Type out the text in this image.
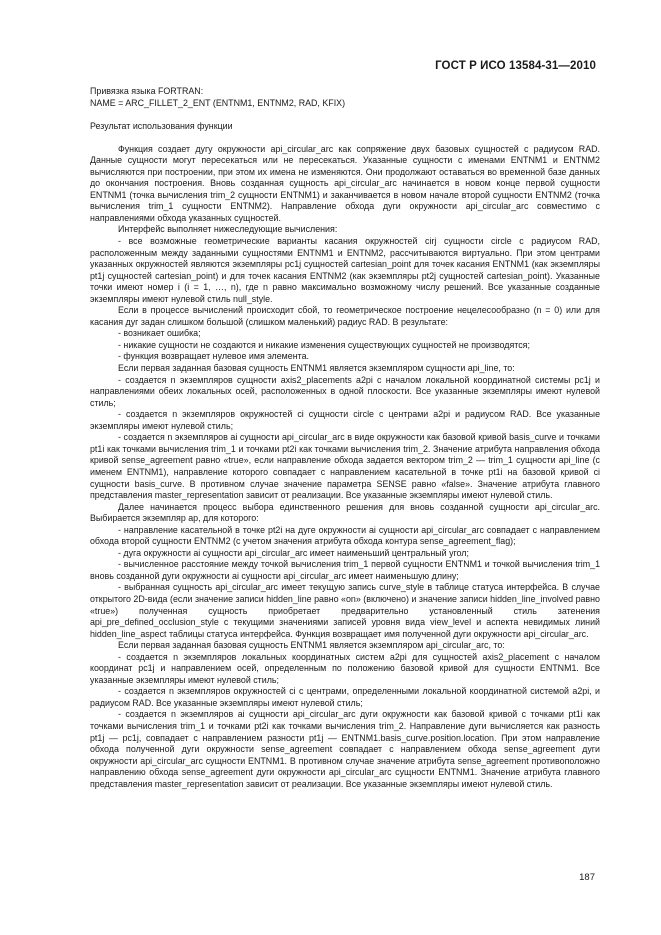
ГОСТ Р ИСО 13584-31—2010

Привязка языка FORTRAN:

NAME = ARC_FILLET_2_ENT (ENTNM1, ENTNM2, RAD, KFIX)

Результат использования функции

Функция создает дугу окружности api_circular_arc как сопряжение двух базовых сущностей с радиусом RAD. Данные сущности могут пересекаться или не пересекаться. Указанные сущности с именами ENTNM1 и ENTNM2 вычисляются при построении, при этом их имена не изменяются. Они продолжают оставаться во временной базе данных до окончания построения. Вновь созданная сущность api_circular_arc начинается в новом конце первой сущности ENTNM1 (точка вычисления trim_2 сущности ENTNM1) и заканчивается в новом начале второй сущности ENTNM2 (точка вычисления trim_1 сущности ENTNM2). Направление обхода дуги окружности api_circular_arc совместимо с направлениями обхода указанных сущностей.

Интерфейс выполняет нижеследующие вычисления:

- все возможные геометрические варианты касания окружностей cirj сущности circle с радиусом RAD, расположенным между заданными сущностями ENTNM1 и ENTNM2, рассчитываются виртуально. При этом центрами указанных окружностей являются экземпляры pc1j сущностей cartesian_point для точек касания ENTNM1 (как экземпляры pt1j сущностей cartesian_point) и для точек касания ENTNM2 (как экземпляры pt2j сущностей cartesian_point). Указанные точки имеют номер i (i = 1, …, n), где n равно максимально возможному числу решений. Все указанные созданные экземпляры имеют нулевой стиль null_style.

Если в процессе вычислений происходит сбой, то геометрическое построение нецелесообразно (n = 0) или для касания дуг задан слишком большой (слишком маленький) радиус RAD. В результате:

- возникает ошибка;

- никакие сущности не создаются и никакие изменения существующих сущностей не производятся;

- функция возвращает нулевое имя элемента.

Если первая заданная базовая сущность ENTNM1 является экземпляром сущности api_line, то:

- создается n экземпляров сущности axis2_placements a2pi с началом локальной координатной системы pc1j и направлениями обеих локальных осей, расположенных в одной плоскости. Все указанные экземпляры имеют нулевой стиль;

- создается n экземпляров окружностей ci сущности circle с центрами a2pi и радиусом RAD. Все указанные экземпляры имеют нулевой стиль;

- создается n экземпляров ai сущности api_circular_arc в виде окружности как базовой кривой basis_curve и точками pt1i как точками вычисления trim_1 и точками pt2i как точками вычисления trim_2. Значение атрибута направления обхода кривой sense_agreement равно «true», если направление обхода задается вектором trim_2 — trim_1 сущности api_line (с именем ENTNM1), направление которого совпадает с направлением касательной в точке pt1i на базовой кривой ci сущности basis_curve. В противном случае значение параметра SENSE равно «false». Значение атрибута главного представления master_representation зависит от реализации. Все указанные экземпляры имеют нулевой стиль.

Далее начинается процесс выбора единственного решения для вновь созданной сущности api_circular_arc. Выбирается экземпляр ap, для которого:

- направление касательной в точке pt2i на дуге окружности ai сущности api_circular_arc совпадает с направлением обхода второй сущности ENTNM2 (с учетом значения атрибута обхода контура sense_agreement_flag);

- дуга окружности ai сущности api_circular_arc имеет наименьший центральный угол;

- вычисленное расстояние между точкой вычисления trim_1 первой сущности ENTNM1 и точкой вычисления trim_1 вновь созданной дуги окружности ai сущности api_circular_arc имеет наименьшую длину;

- выбранная сущность api_circular_arc имеет текущую запись curve_style в таблице статуса интерфейса. В случае открытого 2D-вида (если значение записи hidden_line равно «on» (включено) и значение записи hidden_line_involved равно «true») полученная сущность приобретает предварительно установленный стиль затенения api_pre_defined_occlusion_style с текущими значениями записей уровня вида view_level и аспекта невидимых линий hidden_line_aspect таблицы статуса интерфейса. Функция возвращает имя полученной дуги окружности api_circular_arc.

Если первая заданная базовая сущность ENTNM1 является экземпляром api_circular_arc, то:

- создается n экземпляров локальных координатных систем a2pi для сущностей axis2_placement с началом координат pc1j и направлением осей, определенным по положению базовой кривой для сущности ENTNM1. Все указанные экземпляры имеют нулевой стиль;

- создается n экземпляров окружностей ci с центрами, определенными локальной координатной системой a2pi, и радиусом RAD. Все указанные экземпляры имеют нулевой стиль;

- создается n экземпляров ai сущности api_circular_arc дуги окружности как базовой кривой с точками pt1i как точками вычисления trim_1 и точками pt2i как точками вычисления trim_2. Направление дуги вычисляется как разность pt1j — pc1j, совпадает с направлением разности pt1j — ENTNM1.basis_curve.position.location. При этом направление обхода полученной дуги окружности sense_agreement совпадает с направлением обхода sense_agreement дуги окружности api_circular_arc сущности ENTNM1. В противном случае значение атрибута sense_agreement противоположно направлению обхода sense_agreement дуги окружности api_circular_arc сущности ENTNM1. Значение атрибута главного представления master_representation зависит от реализации. Все указанные экземпляры имеют нулевой стиль.

187
